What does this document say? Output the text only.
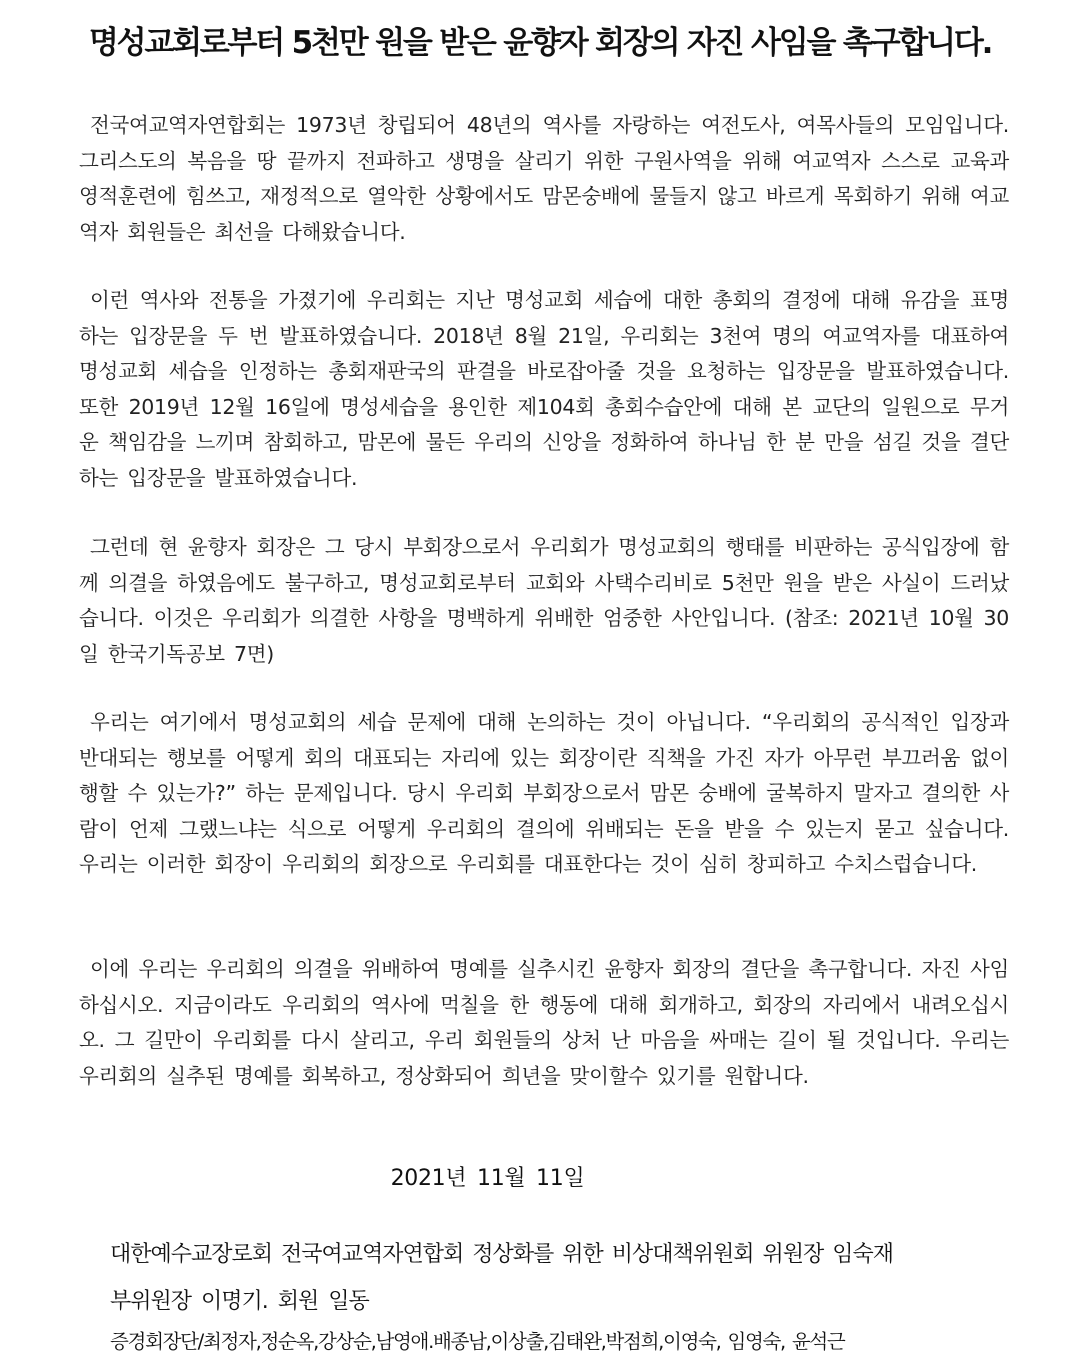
명성교회로부터 5천만 원을 받은 윤향자 회장의 자진 사임을 촉구합니다.
전국여교역자연합회는 1973년 창립되어 48년의 역사를 자랑하는 여전도사, 여목사들의 모임입니다. 그리스도의 복음을 땅 끝까지 전파하고 생명을 살리기 위한 구원사역을 위해 여교역자 스스로 교육과 영적훈련에 힘쓰고, 재정적으로 열악한 상황에서도 맘몬숭배에 물들지 않고 바르게 목회하기 위해 여교역자 회원들은 최선을 다해왔습니다.
이런 역사와 전통을 가졌기에 우리회는 지난 명성교회 세습에 대한 총회의 결정에 대해 유감을 표명하는 입장문을 두 번 발표하였습니다. 2018년 8월 21일, 우리회는 3천여 명의 여교역자를 대표하여 명성교회 세습을 인정하는 총회재판국의 판결을 바로잡아줄 것을 요청하는 입장문을 발표하였습니다. 또한 2019년 12월 16일에 명성세습을 용인한 제104회 총회수습안에 대해 본 교단의 일원으로 무거운 책임감을 느끼며 참회하고, 맘몬에 물든 우리의 신앙을 정화하여 하나님 한 분 만을 섬길 것을 결단하는 입장문을 발표하였습니다.
그런데 현 윤향자 회장은 그 당시 부회장으로서 우리회가 명성교회의 행태를 비판하는 공식입장에 함께 의결을 하였음에도 불구하고, 명성교회로부터 교회와 사택수리비로 5천만 원을 받은 사실이 드러났습니다. 이것은 우리회가 의결한 사항을 명백하게 위배한 엄중한 사안입니다. (참조: 2021년 10월 30일 한국기독공보 7면)
우리는 여기에서 명성교회의 세습 문제에 대해 논의하는 것이 아닙니다. “우리회의 공식적인 입장과 반대되는 행보를 어떻게 회의 대표되는 자리에 있는 회장이란 직책을 가진 자가 아무런 부끄러움 없이 행할 수 있는가?” 하는 문제입니다. 당시 우리회 부회장으로서 맘몬 숭배에 굴복하지 말자고 결의한 사람이 언제 그랬느냐는 식으로 어떻게 우리회의 결의에 위배되는 돈을 받을 수 있는지 묻고 싶습니다. 우리는 이러한 회장이 우리회의 회장으로 우리회를 대표한다는 것이 심히 창피하고 수치스럽습니다.
이에 우리는 우리회의 의결을 위배하여 명예를 실추시킨 윤향자 회장의 결단을 촉구합니다. 자진 사임하십시오. 지금이라도 우리회의 역사에 먹칠을 한 행동에 대해 회개하고, 회장의 자리에서 내려오십시오. 그 길만이 우리회를 다시 살리고, 우리 회원들의 상처 난 마음을 싸매는 길이 될 것입니다. 우리는 우리회의 실추된 명예를 회복하고, 정상화되어 희년을 맞이할수 있기를 원합니다.
2021년 11월 11일
대한예수교장로회 전국여교역자연합회 정상화를 위한 비상대책위원회 위원장 임숙재
부위원장 이명기. 회원 일동
증경회장단/최정자,정순옥,강상순,남영애.배종남,이상출,김태완,박점희,이영숙, 임영숙, 윤석근
